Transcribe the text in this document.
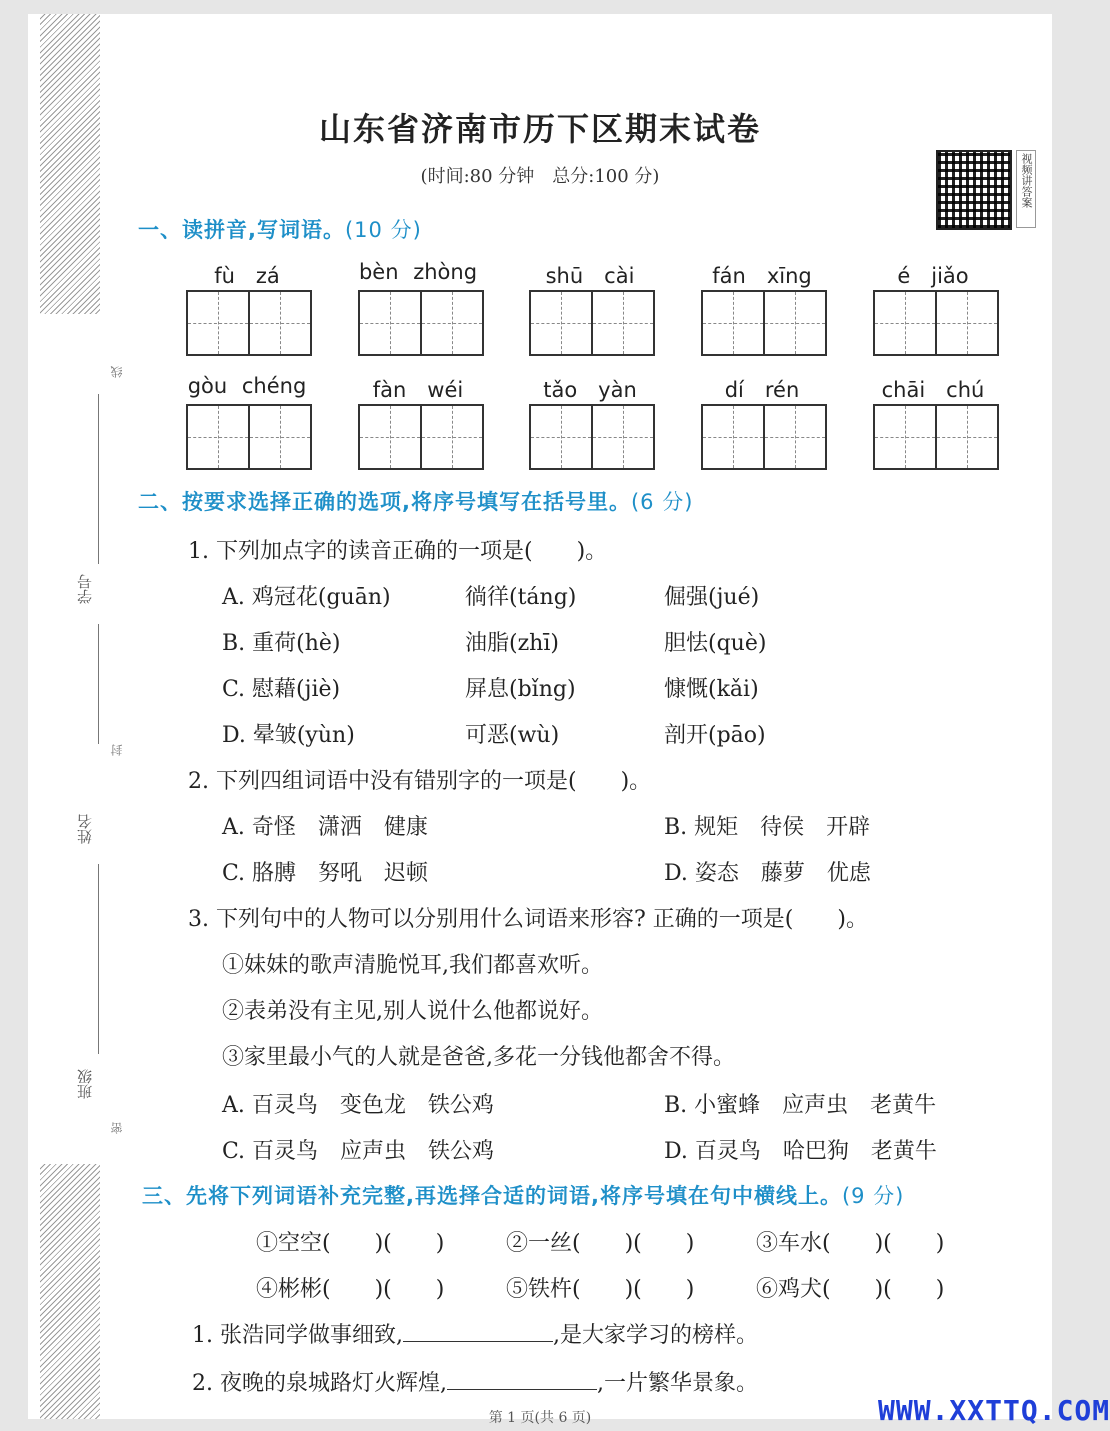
线
学号
封
姓名
班级
密
山东省济南市历下区期末试卷
(时间:80 分钟　总分:100 分)	视频讲答案
一、读拼音,写词语。(10 分)
fù　zá	bèn zhòng	shū　cài	fán　xīng	é　jiǎo
gòu chéng	fàn　wéi	tǎo　yàn	dí　rén	chāi　chú
二、按要求选择正确的选项,将序号填写在括号里。(6 分)
1. 下列加点字的读音正确的一项是(　　)。
A. 鸡冠花(guān)	徜徉(táng)	倔强(jué)
B. 重荷(hè)	油脂(zhī)	胆怯(què)
C. 慰藉(jiè)	屏息(bǐng)	慷慨(kǎi)
D. 晕皱(yùn)	可恶(wù)	剖开(pāo)
2. 下列四组词语中没有错别字的一项是(　　)。
A. 奇怪　潇洒　健康	B. 规矩　待侯　开辟
C. 胳膊　努吼　迟顿	D. 姿态　藤萝　优虑
3. 下列句中的人物可以分别用什么词语来形容? 正确的一项是(　　)。
①妹妹的歌声清脆悦耳,我们都喜欢听。
②表弟没有主见,别人说什么他都说好。
③家里最小气的人就是爸爸,多花一分钱他都舍不得。
A. 百灵鸟　变色龙　铁公鸡	B. 小蜜蜂　应声虫　老黄牛
C. 百灵鸟　应声虫　铁公鸡	D. 百灵鸟　哈巴狗　老黄牛
三、先将下列词语补充完整,再选择合适的词语,将序号填在句中横线上。(9 分)
①空空(　　)(　　)	②一丝(　　)(　　)	③车水(　　)(　　)
④彬彬(　　)(　　)	⑤铁杵(　　)(　　)	⑥鸡犬(　　)(　　)
1. 张浩同学做事细致,	,是大家学习的榜样。
2. 夜晚的泉城路灯火辉煌,	,一片繁华景象。
第 1 页(共 6 页)	WWW.XXTTQ.COM
